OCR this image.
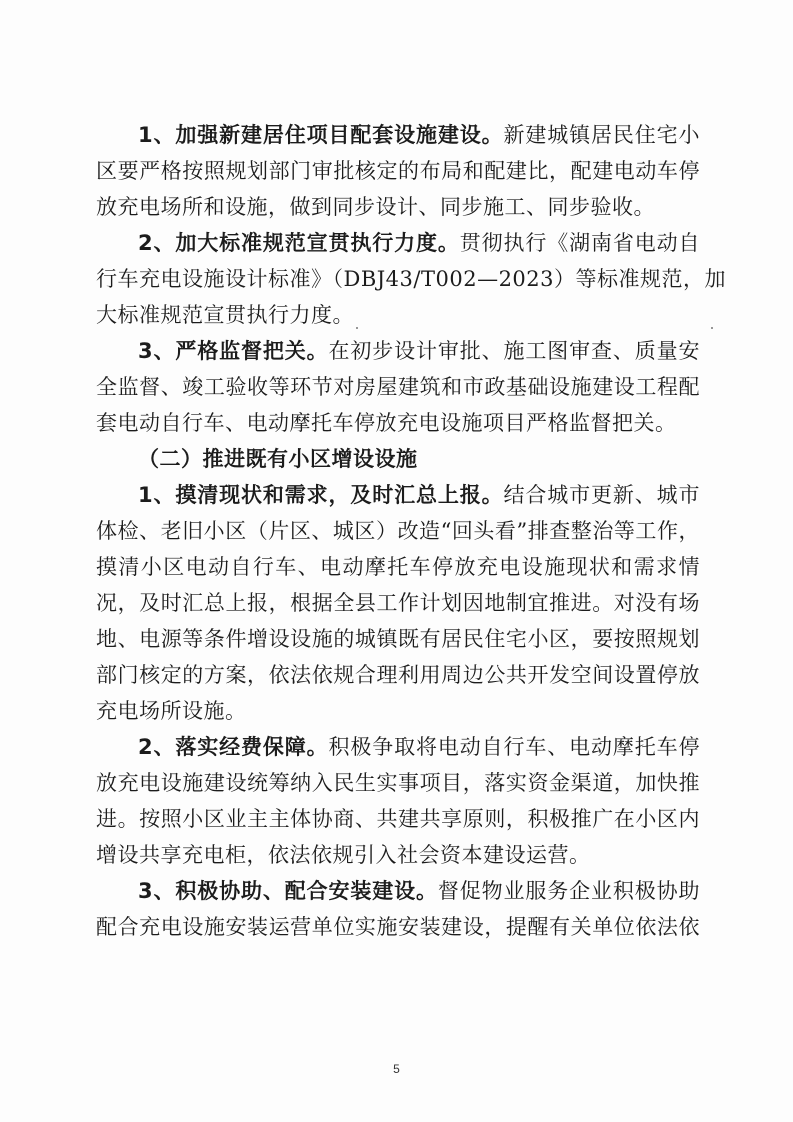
1、加强新建居住项目配套设施建设。新建城镇居民住宅小
区要严格按照规划部门审批核定的布局和配建比，配建电动车停
放充电场所和设施，做到同步设计、同步施工、同步验收。
2、加大标准规范宣贯执行力度。贯彻执行《湖南省电动自
行车充电设施设计标准》（DBJ43/T002—2023）等标准规范，加
大标准规范宣贯执行力度。
3、严格监督把关。在初步设计审批、施工图审查、质量安
全监督、竣工验收等环节对房屋建筑和市政基础设施建设工程配
套电动自行车、电动摩托车停放充电设施项目严格监督把关。
（二）推进既有小区增设设施
1、摸清现状和需求，及时汇总上报。结合城市更新、城市
体检、老旧小区（片区、城区）改造“回头看”排查整治等工作，
摸清小区电动自行车、电动摩托车停放充电设施现状和需求情
况，及时汇总上报，根据全县工作计划因地制宜推进。对没有场
地、电源等条件增设设施的城镇既有居民住宅小区，要按照规划
部门核定的方案，依法依规合理利用周边公共开发空间设置停放
充电场所设施。
2、落实经费保障。积极争取将电动自行车、电动摩托车停
放充电设施建设统筹纳入民生实事项目，落实资金渠道，加快推
进。按照小区业主主体协商、共建共享原则，积极推广在小区内
增设共享充电柜，依法依规引入社会资本建设运营。
3、积极协助、配合安装建设。督促物业服务企业积极协助
配合充电设施安装运营单位实施安装建设，提醒有关单位依法依
5
